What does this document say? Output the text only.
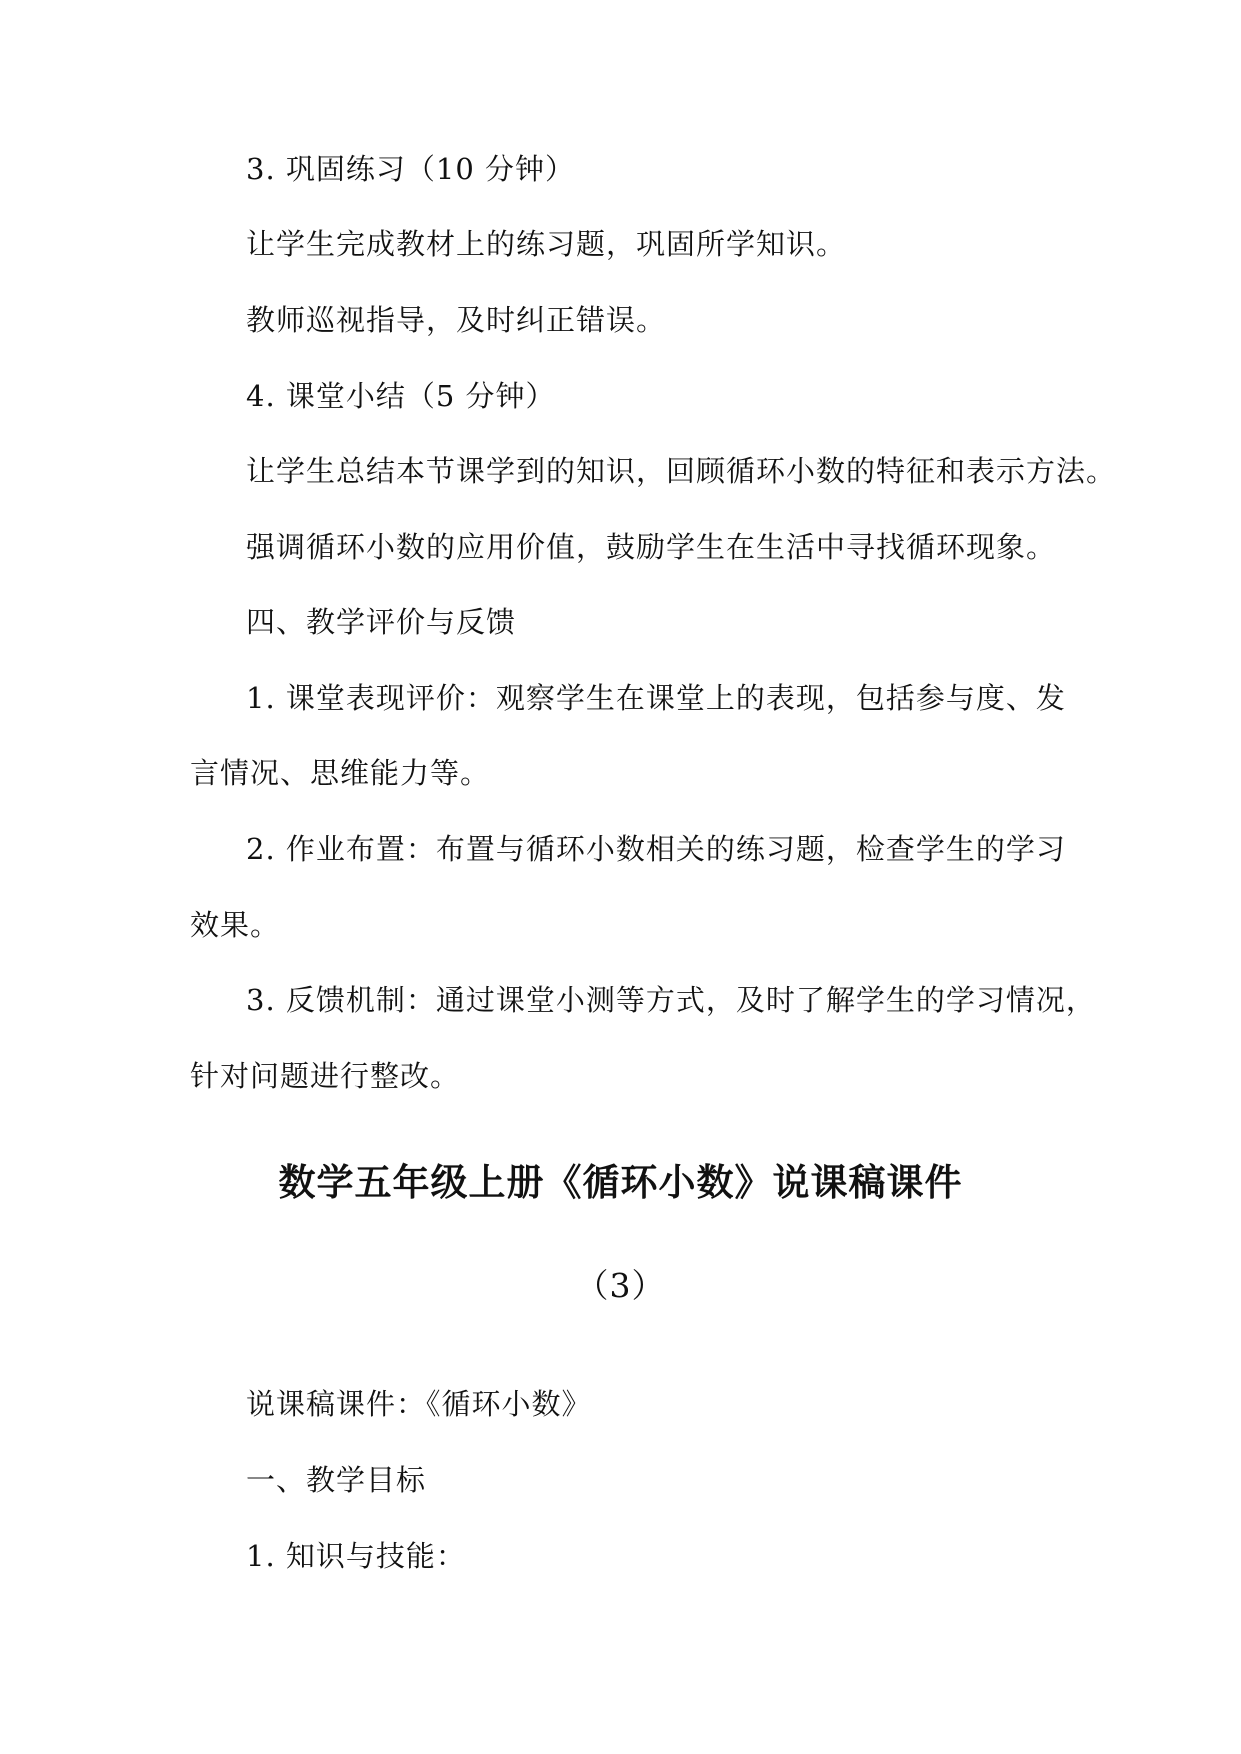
3. 巩固练习（10 分钟）
让学生完成教材上的练习题，巩固所学知识。
教师巡视指导，及时纠正错误。
4. 课堂小结（5 分钟）
让学生总结本节课学到的知识，回顾循环小数的特征和表示方法。
强调循环小数的应用价值，鼓励学生在生活中寻找循环现象。
四、教学评价与反馈
1. 课堂表现评价：观察学生在课堂上的表现，包括参与度、发
言情况、思维能力等。
2. 作业布置：布置与循环小数相关的练习题，检查学生的学习
效果。
3. 反馈机制：通过课堂小测等方式，及时了解学生的学习情况，
针对问题进行整改。
数学五年级上册《循环小数》说课稿课件
（3）
说课稿课件：《循环小数》
一、教学目标
1. 知识与技能：
